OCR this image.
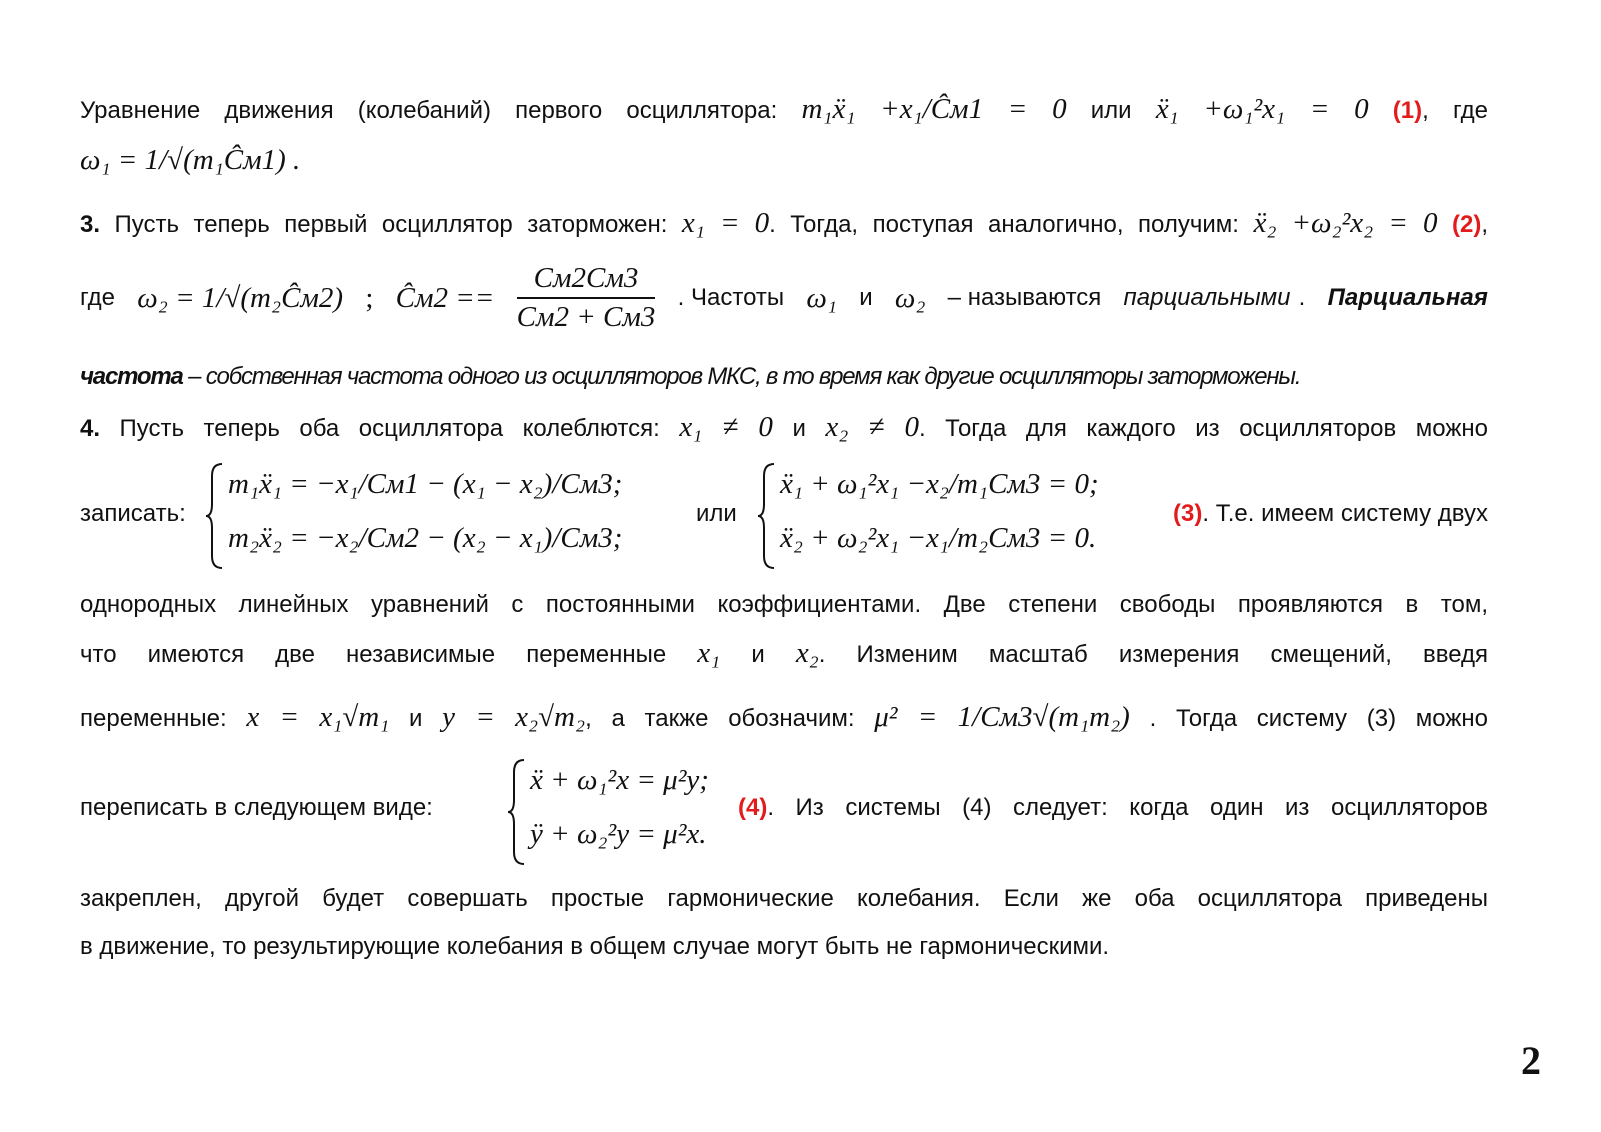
Уравнение движения (колебаний) первого осциллятора: m₁ẍ₁ +x₁/Ĉм1 = 0 или ẍ₁ +ω₁²x₁ = 0 (1), где
ω₁ = 1/√(m₁Ĉм1) .
3. Пусть теперь первый осциллятор заторможен: x₁ = 0. Тогда, поступая аналогично, получим: ẍ₂ +ω₂²x₂ = 0 (2),
где ω₂ = 1/√(m₂Ĉм2) ; Ĉм2 == $\frac{Cм2Cм3}{Cм2 + Cм3}$ . Частоты ω₁ и ω₂ – называются парциальными . Парциальная
частота – собственная частота одного из осцилляторов МКС, в то время как другие осцилляторы заторможены.
4. Пусть теперь оба осциллятора колеблются: x₁ ≠ 0 и x₂ ≠ 0. Тогда для каждого из осцилляторов можно
записать:
m₁ẍ₁ = −x₁/Cм1 − (x₁ − x₂)/Cм3;
m₂ẍ₂ = −x₂/Cм2 − (x₂ − x₁)/Cм3;
или
ẍ₁ + ω₁²x₁ −x₂/m₁Cм3 = 0;
ẍ₂ + ω₂²x₁ −x₁/m₂Cм3 = 0.
(3). Т.е. имеем систему двух
однородных линейных уравнений с постоянными коэффициентами. Две степени свободы проявляются в том,
что имеются две независимые переменные x₁ и x₂. Изменим масштаб измерения смещений, введя
переменные: x = x₁√m₁ и y = x₂√m₂, а также обозначим: μ² = 1/Cм3√(m₁m₂) . Тогда систему (3) можно
переписать в следующем виде:
ẍ + ω₁²x = μ²y;
ÿ + ω₂²y = μ²x.
(4). Из системы (4) следует: когда один из осцилляторов
закреплен, другой будет совершать простые гармонические колебания. Если же оба осциллятора приведены
в движение, то результирующие колебания в общем случае могут быть не гармоническими.
2
